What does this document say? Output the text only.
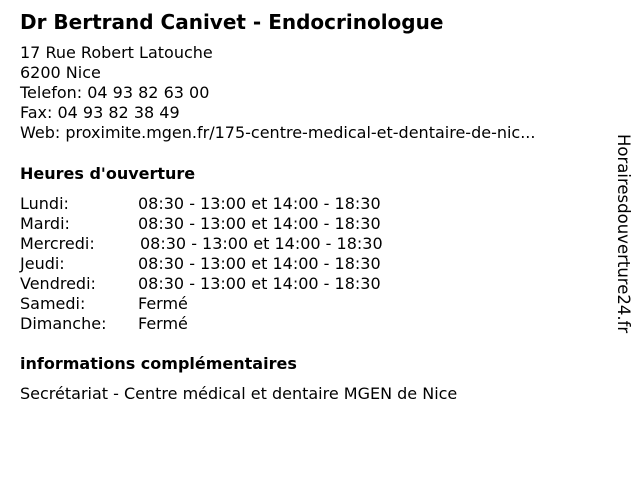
Dr Bertrand Canivet - Endocrinologue
17 Rue Robert Latouche
6200 Nice
Telefon: 04 93 82 63 00
Fax: 04 93 82 38 49
Web: proximite.mgen.fr/175-centre-medical-et-dentaire-de-nic...
Heures d'ouverture
Lundi:	08:30 - 13:00 et 14:00 - 18:30
Mardi:	08:30 - 13:00 et 14:00 - 18:30
Mercredi:	08:30 - 13:00 et 14:00 - 18:30
Jeudi:	08:30 - 13:00 et 14:00 - 18:30
Vendredi:	08:30 - 13:00 et 14:00 - 18:30
Samedi:	Fermé
Dimanche: Fermé
informations complémentaires
Secrétariat - Centre médical et dentaire MGEN de Nice
Horairesdouverture24.fr
